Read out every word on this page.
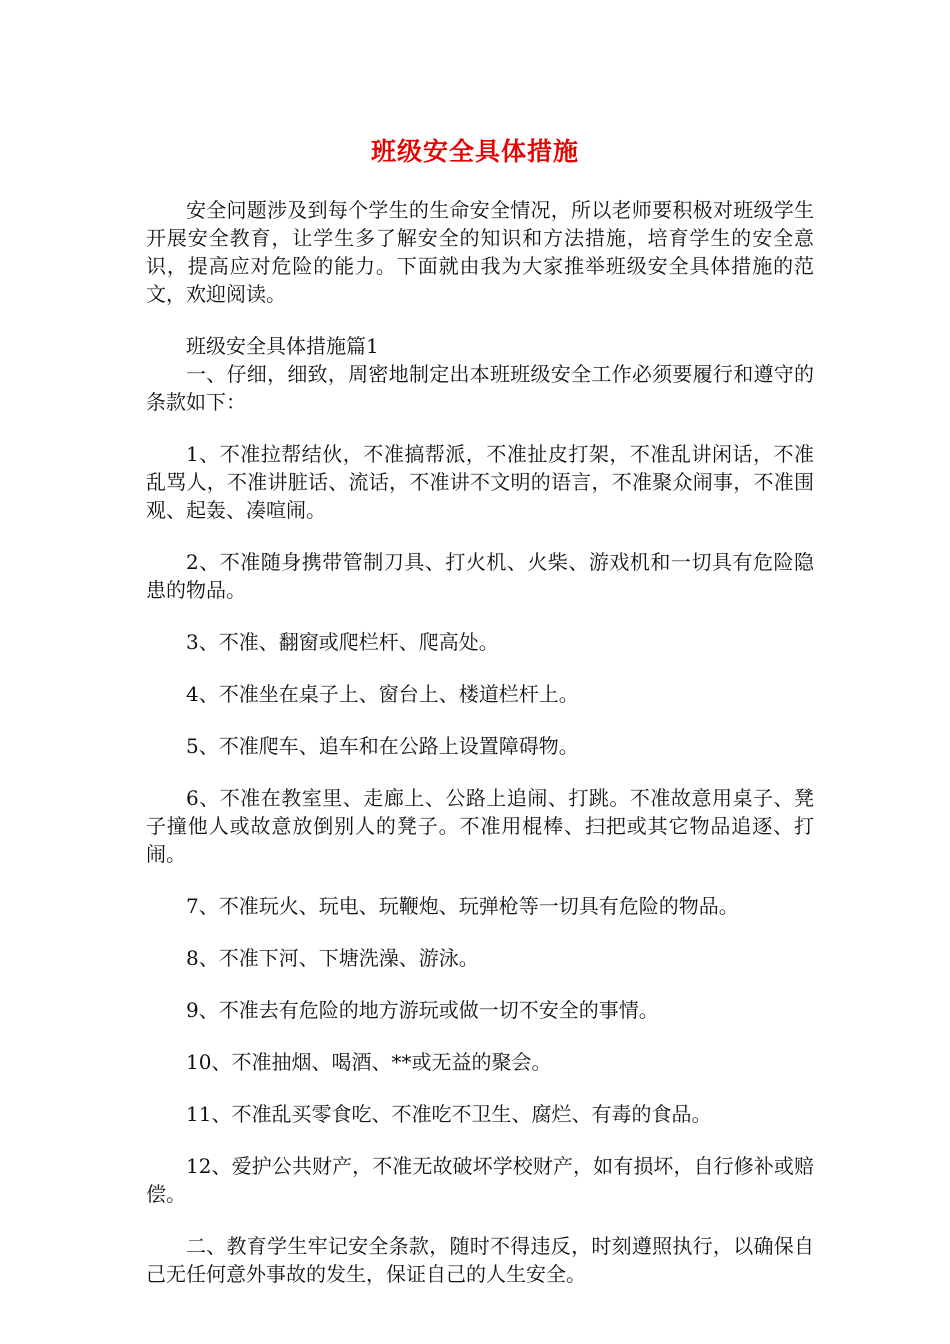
班级安全具体措施

安全问题涉及到每个学生的生命安全情况，所以老师要积极对班级学生开展安全教育，让学生多了解安全的知识和方法措施，培育学生的安全意识，提高应对危险的能力。下面就由我为大家推举班级安全具体措施的范文，欢迎阅读。

班级安全具体措施篇1

一、仔细，细致，周密地制定出本班班级安全工作必须要履行和遵守的条款如下：

1、不准拉帮结伙，不准搞帮派，不准扯皮打架，不准乱讲闲话，不准乱骂人，不准讲脏话、流话，不准讲不文明的语言，不准聚众闹事，不准围观、起轰、凑喧闹。

2、不准随身携带管制刀具、打火机、火柴、游戏机和一切具有危险隐患的物品。

3、不准、翻窗或爬栏杆、爬高处。

4、不准坐在桌子上、窗台上、楼道栏杆上。

5、不准爬车、追车和在公路上设置障碍物。

6、不准在教室里、走廊上、公路上追闹、打跳。不准故意用桌子、凳子撞他人或故意放倒别人的凳子。不准用棍棒、扫把或其它物品追逐、打闹。

7、不准玩火、玩电、玩鞭炮、玩弹枪等一切具有危险的物品。

8、不准下河、下塘洗澡、游泳。

9、不准去有危险的地方游玩或做一切不安全的事情。

10、不准抽烟、喝酒、**或无益的聚会。

11、不准乱买零食吃、不准吃不卫生、腐烂、有毒的食品。

12、爱护公共财产，不准无故破坏学校财产，如有损坏，自行修补或赔偿。

二、教育学生牢记安全条款，随时不得违反，时刻遵照执行，以确保自己无任何意外事故的发生，保证自己的人生安全。
